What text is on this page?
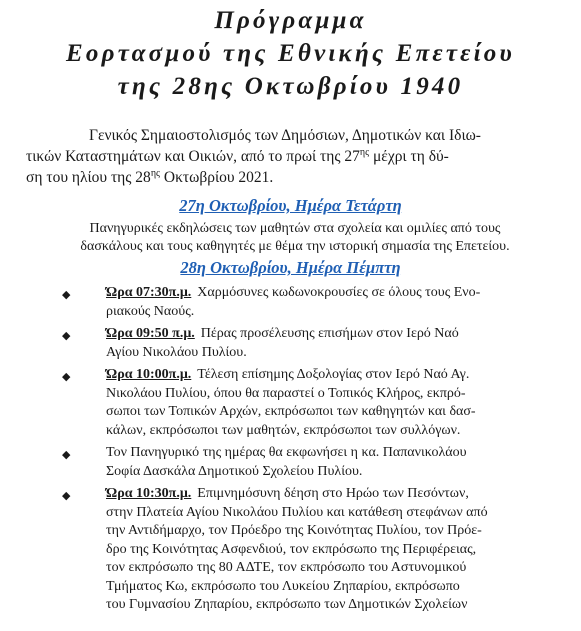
Πρόγραμμα
Εορτασμού της Εθνικής Επετείου
της 28ης Οκτωβρίου 1940
Γενικός Σημαιοστολισμός των Δημόσιων, Δημοτικών και Ιδιω-
τικών Καταστημάτων και Οικιών, από το πρωί της $27^{\eta\varsigma}$ μέχρι τη δύ-
ση του ηλίου της $28^{\eta\varsigma}$ Οκτωβρίου 2021.
27η Οκτωβρίου, Ημέρα Τετάρτη
Πανηγυρικές εκδηλώσεις των μαθητών στα σχολεία και ομιλίες από τους
δασκάλους και τους καθηγητές με θέμα την ιστορική σημασία της Επετείου.
28η Οκτωβρίου, Ημέρα Πέμπτη
◆	Ώρα 07:30π.μ. Χαρμόσυνες κωδωνοκρουσίες σε όλους τους Ενο-
ριακούς Ναούς.
◆	Ώρα 09:50 π.μ. Πέρας προσέλευσης επισήμων στον Ιερό Ναό
Αγίου Νικολάου Πυλίου.
◆	Ώρα 10:00π.μ. Τέλεση επίσημης Δοξολογίας στον Ιερό Ναό Αγ.
Νικολάου Πυλίου, όπου θα παραστεί ο Τοπικός Κλήρος, εκπρό-
σωποι των Τοπικών Αρχών, εκπρόσωποι των καθηγητών και δασ-
κάλων, εκπρόσωποι των μαθητών, εκπρόσωποι των συλλόγων.
◆	Τον Πανηγυρικό της ημέρας θα εκφωνήσει η κα. Παπανικολάου
Σοφία Δασκάλα Δημοτικού Σχολείου Πυλίου.
◆	Ώρα 10:30π.μ. Επιμνημόσυνη δέηση στο Ηρώο των Πεσόντων,
στην Πλατεία Αγίου Νικολάου Πυλίου και κατάθεση στεφάνων από
την Αντιδήμαρχο, τον Πρόεδρο της Κοινότητας Πυλίου, τον Πρόε-
δρο της Κοινότητας Ασφενδιού, τον εκπρόσωπο της Περιφέρειας,
τον εκπρόσωπο της 80 ΑΔΤΕ, τον εκπρόσωπο του Αστυνομικού
Τμήματος Κω, εκπρόσωπο του Λυκείου Ζηπαρίου, εκπρόσωπο
του Γυμνασίου Ζηπαρίου, εκπρόσωπο των Δημοτικών Σχολείων
